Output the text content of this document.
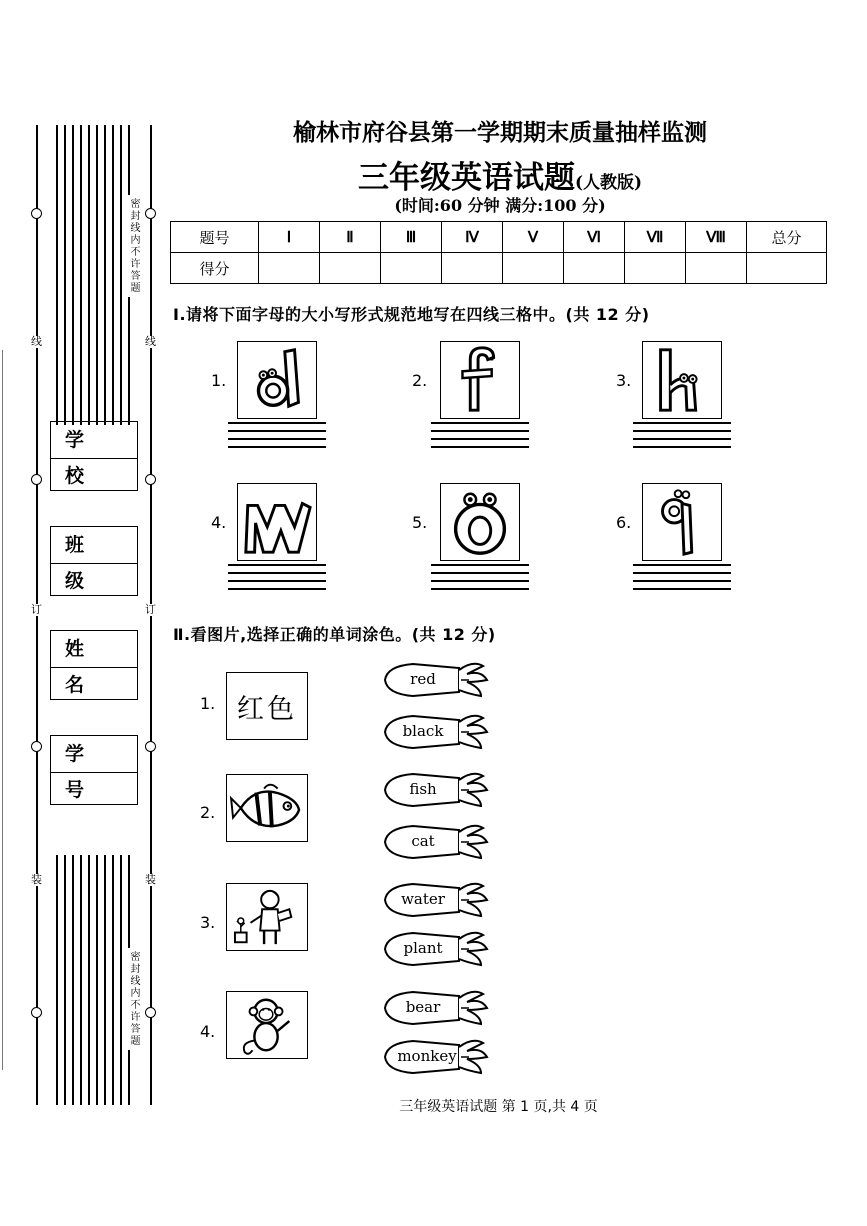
密封线内不许答题
密封线内不许答题
线	线
订	订
装	装
学 校
班 级
姓 名
学 号
榆林市府谷县第一学期期末质量抽样监测
三年级英语试题(人教版)
(时间:60 分钟 满分:100 分)
题号	Ⅰ	Ⅱ	Ⅲ	Ⅳ	Ⅴ	Ⅵ	Ⅶ	Ⅷ	总分
得分									
Ⅰ.请将下面字母的大小写形式规范地写在四线三格中。(共 12 分)
1.	2.	3.
4.	5.	6.
Ⅱ.看图片,选择正确的单词涂色。(共 12 分)
1. 红色
2.
3.
4.
red
black
fish
cat
water
plant
bear
monkey
三年级英语试题 第 1 页,共 4 页
